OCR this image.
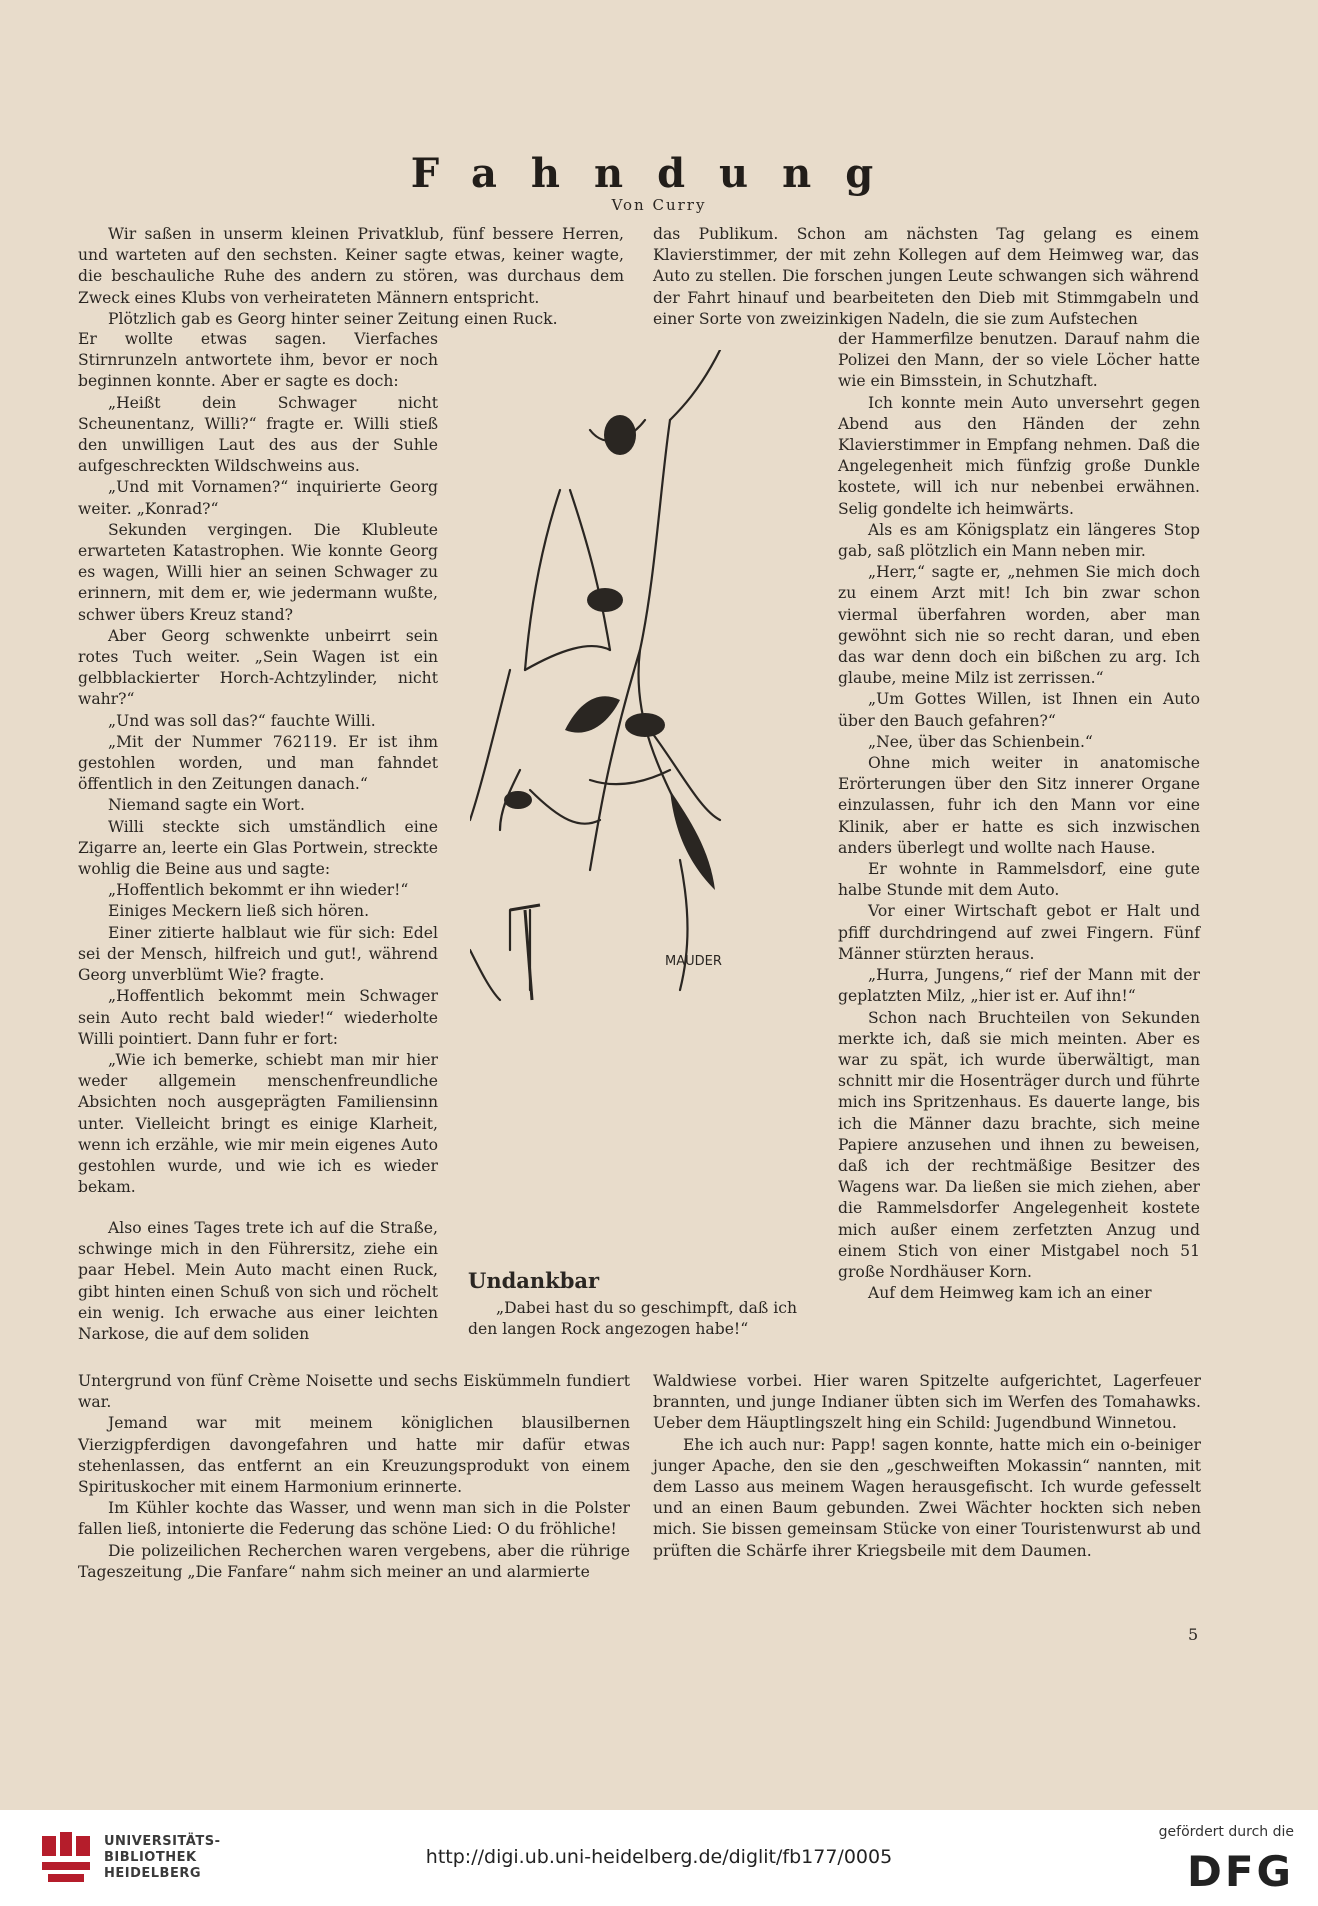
Fahndung
Von Curry

Wir saßen in unserm kleinen Privatklub, fünf bessere Herren, und warteten auf den sechsten. Keiner sagte etwas, keiner wagte, die beschauliche Ruhe des andern zu stören, was durchaus dem Zweck eines Klubs von verheirateten Männern entspricht.

Plötzlich gab es Georg hinter seiner Zeitung einen Ruck.

Er wollte etwas sagen. Vierfaches Stirnrunzeln antwortete ihm, bevor er noch beginnen konnte. Aber er sagte es doch:

„Heißt dein Schwager nicht Scheunentanz, Willi?“ fragte er. Willi stieß den unwilligen Laut des aus der Suhle aufgeschreckten Wildschweins aus.

„Und mit Vornamen?“ inquirierte Georg weiter. „Konrad?“

Sekunden vergingen. Die Klubleute erwarteten Katastrophen. Wie konnte Georg es wagen, Willi hier an seinen Schwager zu erinnern, mit dem er, wie jedermann wußte, schwer übers Kreuz stand?

Aber Georg schwenkte unbeirrt sein rotes Tuch weiter. „Sein Wagen ist ein gelbblackierter Horch-Achtzylinder, nicht wahr?“

„Und was soll das?“ fauchte Willi.

„Mit der Nummer 762119. Er ist ihm gestohlen worden, und man fahndet öffentlich in den Zeitungen danach.“

Niemand sagte ein Wort.

Willi steckte sich umständlich eine Zigarre an, leerte ein Glas Portwein, streckte wohlig die Beine aus und sagte:

„Hoffentlich bekommt er ihn wieder!“

Einiges Meckern ließ sich hören.

Einer zitierte halblaut wie für sich: Edel sei der Mensch, hilfreich und gut!, während Georg unverblümt Wie? fragte.

„Hoffentlich bekommt mein Schwager sein Auto recht bald wieder!“ wiederholte Willi pointiert. Dann fuhr er fort:

„Wie ich bemerke, schiebt man mir hier weder allgemein menschenfreundliche Absichten noch ausgeprägten Familiensinn unter. Vielleicht bringt es einige Klarheit, wenn ich erzähle, wie mir mein eigenes Auto gestohlen wurde, und wie ich es wieder bekam.

Also eines Tages trete ich auf die Straße, schwinge mich in den Führersitz, ziehe ein paar Hebel. Mein Auto macht einen Ruck, gibt hinten einen Schuß von sich und röchelt ein wenig. Ich erwache aus einer leichten Narkose, die auf dem soliden

Untergrund von fünf Crème Noisette und sechs Eiskümmeln fundiert war.

Jemand war mit meinem königlichen blausilbernen Vierzigpferdigen davongefahren und hatte mir dafür etwas stehenlassen, das entfernt an ein Kreuzungsprodukt von einem Spirituskocher mit einem Harmonium erinnerte.

Im Kühler kochte das Wasser, und wenn man sich in die Polster fallen ließ, intonierte die Federung das schöne Lied: O du fröhliche!

Die polizeilichen Recherchen waren vergebens, aber die rührige Tageszeitung „Die Fanfare“ nahm sich meiner an und alarmierte

das Publikum. Schon am nächsten Tag gelang es einem Klavierstimmer, der mit zehn Kollegen auf dem Heimweg war, das Auto zu stellen. Die forschen jungen Leute schwangen sich während der Fahrt hinauf und bearbeiteten den Dieb mit Stimmgabeln und einer Sorte von zweizinkigen Nadeln, die sie zum Aufstechen

der Hammerfilze benutzen. Darauf nahm die Polizei den Mann, der so viele Löcher hatte wie ein Bimsstein, in Schutzhaft.

Ich konnte mein Auto unversehrt gegen Abend aus den Händen der zehn Klavierstimmer in Empfang nehmen. Daß die Angelegenheit mich fünfzig große Dunkle kostete, will ich nur nebenbei erwähnen. Selig gondelte ich heimwärts.

Als es am Königsplatz ein längeres Stop gab, saß plötzlich ein Mann neben mir.

„Herr,“ sagte er, „nehmen Sie mich doch zu einem Arzt mit! Ich bin zwar schon viermal überfahren worden, aber man gewöhnt sich nie so recht daran, und eben das war denn doch ein bißchen zu arg. Ich glaube, meine Milz ist zerrissen.“

„Um Gottes Willen, ist Ihnen ein Auto über den Bauch gefahren?“

„Nee, über das Schienbein.“

Ohne mich weiter in anatomische Erörterungen über den Sitz innerer Organe einzulassen, fuhr ich den Mann vor eine Klinik, aber er hatte es sich inzwischen anders überlegt und wollte nach Hause.

Er wohnte in Rammelsdorf, eine gute halbe Stunde mit dem Auto.

Vor einer Wirtschaft gebot er Halt und pfiff durchdringend auf zwei Fingern. Fünf Männer stürzten heraus.

„Hurra, Jungens,“ rief der Mann mit der geplatzten Milz, „hier ist er. Auf ihn!“

Schon nach Bruchteilen von Sekunden merkte ich, daß sie mich meinten. Aber es war zu spät, ich wurde überwältigt, man schnitt mir die Hosenträger durch und führte mich ins Spritzenhaus. Es dauerte lange, bis ich die Männer dazu brachte, sich meine Papiere anzusehen und ihnen zu beweisen, daß ich der rechtmäßige Besitzer des Wagens war. Da ließen sie mich ziehen, aber die Rammelsdorfer Angelegenheit kostete mich außer einem zerfetzten Anzug und einem Stich von einer Mistgabel noch 51 große Nordhäuser Korn.

Auf dem Heimweg kam ich an einer

Waldwiese vorbei. Hier waren Spitzelte aufgerichtet, Lagerfeuer brannten, und junge Indianer übten sich im Werfen des Tomahawks. Ueber dem Häuptlingszelt hing ein Schild: Jugendbund Winnetou.

Ehe ich auch nur: Papp! sagen konnte, hatte mich ein o-beiniger junger Apache, den sie den „geschweiften Mokassin“ nannten, mit dem Lasso aus meinem Wagen herausgefischt. Ich wurde gefesselt und an einen Baum gebunden. Zwei Wächter hockten sich neben mich. Sie bissen gemeinsam Stücke von einer Touristenwurst ab und prüften die Schärfe ihrer Kriegsbeile mit dem Daumen.

MAUDER
Undankbar

„Dabei hast du so geschimpft, daß ich den langen Rock angezogen habe!“

5
UNIVERSITÄTS-
BIBLIOTHEK
HEIDELBERG
http://digi.ub.uni-heidelberg.de/diglit/fb177/0005
gefördert durch die
DFG
